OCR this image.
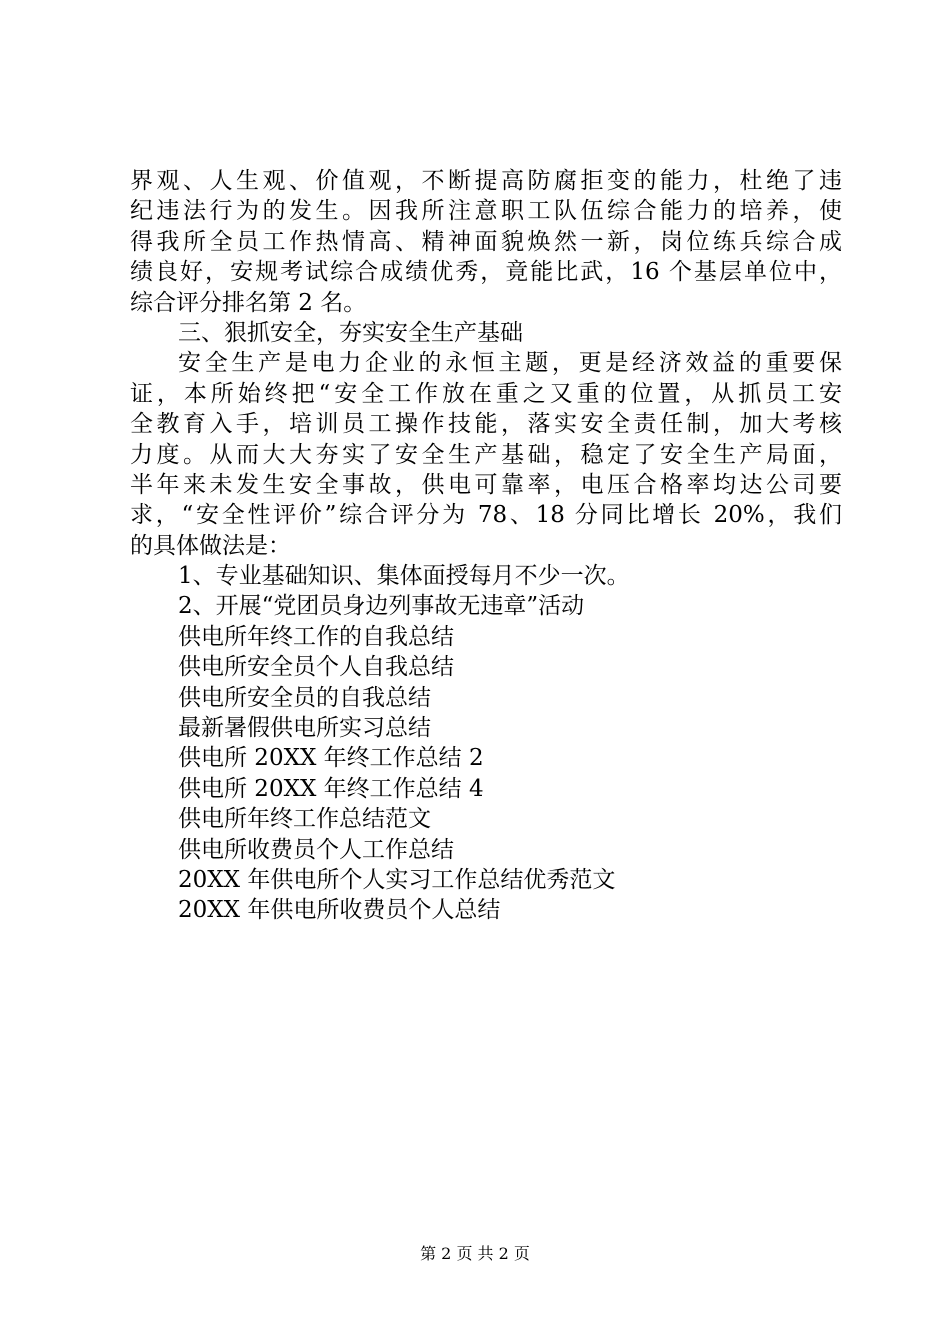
界观、人生观、价值观，不断提高防腐拒变的能力，杜绝了违
纪违法行为的发生。因我所注意职工队伍综合能力的培养，使
得我所全员工作热情高、精神面貌焕然一新，岗位练兵综合成
绩良好，安规考试综合成绩优秀，竟能比武，16 个基层单位中，
综合评分排名第 2 名。
三、狠抓安全，夯实安全生产基础
安全生产是电力企业的永恒主题，更是经济效益的重要保
证，本所始终把“安全工作放在重之又重的位置，从抓员工安
全教育入手，培训员工操作技能，落实安全责任制，加大考核
力度。从而大大夯实了安全生产基础，稳定了安全生产局面，
半年来未发生安全事故，供电可靠率，电压合格率均达公司要
求，“安全性评价”综合评分为 78、18 分同比增长 20%，我们
的具体做法是：
1、专业基础知识、集体面授每月不少一次。
2、开展“党团员身边列事故无违章”活动
供电所年终工作的自我总结
供电所安全员个人自我总结
供电所安全员的自我总结
最新暑假供电所实习总结
供电所 20XX 年终工作总结 2
供电所 20XX 年终工作总结 4
供电所年终工作总结范文
供电所收费员个人工作总结
20XX 年供电所个人实习工作总结优秀范文
20XX 年供电所收费员个人总结
第 2 页 共 2 页
